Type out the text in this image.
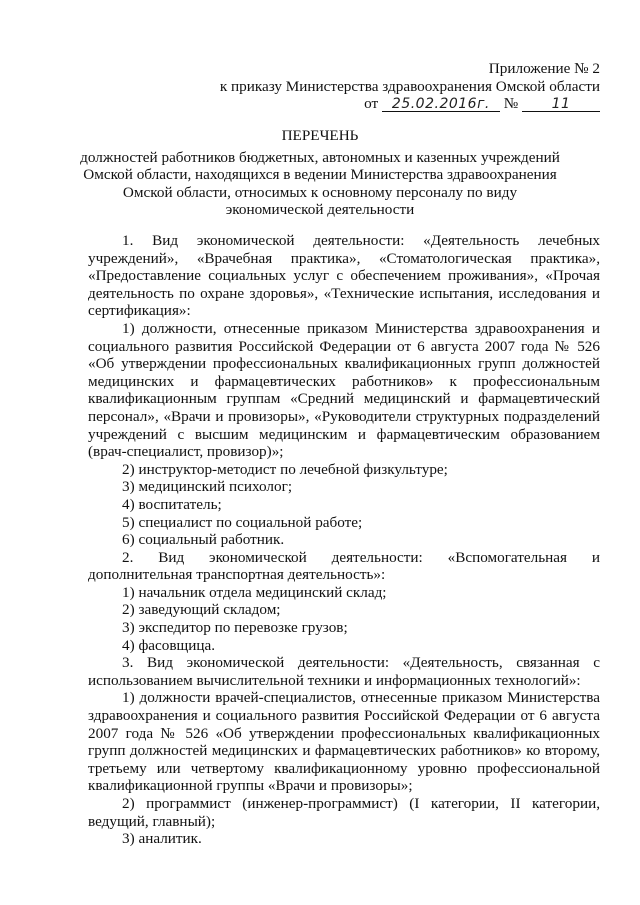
Приложение № 2
к приказу Министерства здравоохранения Омской области
от 25.02.2016г. № 11
ПЕРЕЧЕНЬ
должностей работников бюджетных, автономных и казенных учреждений
Омской области, находящихся в ведении Министерства здравоохранения
Омской области, относимых к основному персоналу по виду
экономической деятельности

1. Вид экономической деятельности: «Деятельность лечебных учреждений», «Врачебная практика», «Стоматологическая практика», «Предоставление социальных услуг с обеспечением проживания», «Прочая деятельность по охране здоровья», «Технические испытания, исследования и сертификация»:

1) должности, отнесенные приказом Министерства здравоохранения и социального развития Российской Федерации от 6 августа 2007 года № 526 «Об утверждении профессиональных квалификационных групп должностей медицинских и фармацевтических работников» к профессиональным квалификационным группам «Средний медицинский и фармацевтический персонал», «Врачи и провизоры», «Руководители структурных подразделений учреждений с высшим медицинским и фармацевтическим образованием (врач-специалист, провизор)»;

2) инструктор-методист по лечебной физкультуре;

3) медицинский психолог;

4) воспитатель;

5) специалист по социальной работе;

6) социальный работник.

2. Вид экономической деятельности: «Вспомогательная и дополнительная транспортная деятельность»:

1) начальник отдела медицинский склад;

2) заведующий складом;

3) экспедитор по перевозке грузов;

4) фасовщица.

3. Вид экономической деятельности: «Деятельность, связанная с использованием вычислительной техники и информационных технологий»:

1) должности врачей-специалистов, отнесенные приказом Министерства здравоохранения и социального развития Российской Федерации от 6 августа 2007 года № 526 «Об утверждении профессиональных квалификационных групп должностей медицинских и фармацевтических работников» ко второму, третьему или четвертому квалификационному уровню профессиональной квалификационной группы «Врачи и провизоры»;

2) программист (инженер-программист) (I категории, II категории, ведущий, главный);

3) аналитик.
